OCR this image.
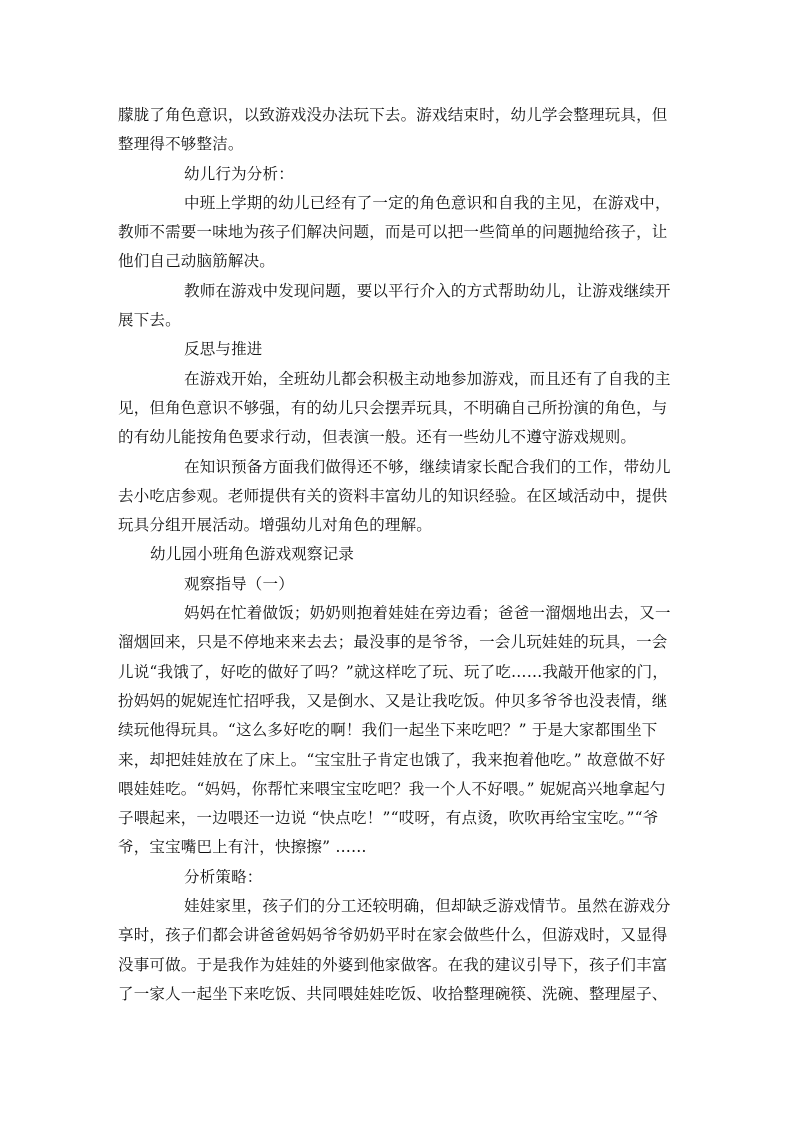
朦胧了角色意识，以致游戏没办法玩下去。游戏结束时，幼儿学会整理玩具，但
整理得不够整洁。
幼儿行为分析：
中班上学期的幼儿已经有了一定的角色意识和自我的主见，在游戏中，
教师不需要一味地为孩子们解决问题，而是可以把一些简单的问题抛给孩子，让
他们自己动脑筋解决。
教师在游戏中发现问题，要以平行介入的方式帮助幼儿，让游戏继续开
展下去。
反思与推进
在游戏开始，全班幼儿都会积极主动地参加游戏，而且还有了自我的主
见，但角色意识不够强，有的幼儿只会摆弄玩具，不明确自己所扮演的角色，与
的有幼儿能按角色要求行动，但表演一般。还有一些幼儿不遵守游戏规则。
在知识预备方面我们做得还不够，继续请家长配合我们的工作，带幼儿
去小吃店参观。老师提供有关的资料丰富幼儿的知识经验。在区域活动中，提供
玩具分组开展活动。增强幼儿对角色的理解。
幼儿园小班角色游戏观察记录
观察指导（一）
妈妈在忙着做饭；奶奶则抱着娃娃在旁边看；爸爸一溜烟地出去，又一
溜烟回来，只是不停地来来去去；最没事的是爷爷，一会儿玩娃娃的玩具，一会
儿说“我饿了，好吃的做好了吗？”就这样吃了玩、玩了吃……我敲开他家的门，
扮妈妈的妮妮连忙招呼我，又是倒水、又是让我吃饭。仲贝多爷爷也没表情，继
续玩他得玩具。“这么多好吃的啊！我们一起坐下来吃吧？” 于是大家都围坐下
来，却把娃娃放在了床上。“宝宝肚子肯定也饿了，我来抱着他吃。” 故意做不好
喂娃娃吃。“妈妈，你帮忙来喂宝宝吃吧？我一个人不好喂。” 妮妮高兴地拿起勺
子喂起来，一边喂还一边说 “快点吃！”“哎呀，有点烫，吹吹再给宝宝吃。”“爷
爷，宝宝嘴巴上有汁，快擦擦” ……
分析策略：
娃娃家里，孩子们的分工还较明确，但却缺乏游戏情节。虽然在游戏分
享时，孩子们都会讲爸爸妈妈爷爷奶奶平时在家会做些什么，但游戏时，又显得
没事可做。于是我作为娃娃的外婆到他家做客。在我的建议引导下，孩子们丰富
了一家人一起坐下来吃饭、共同喂娃娃吃饭、收拾整理碗筷、洗碗、整理屋子、
